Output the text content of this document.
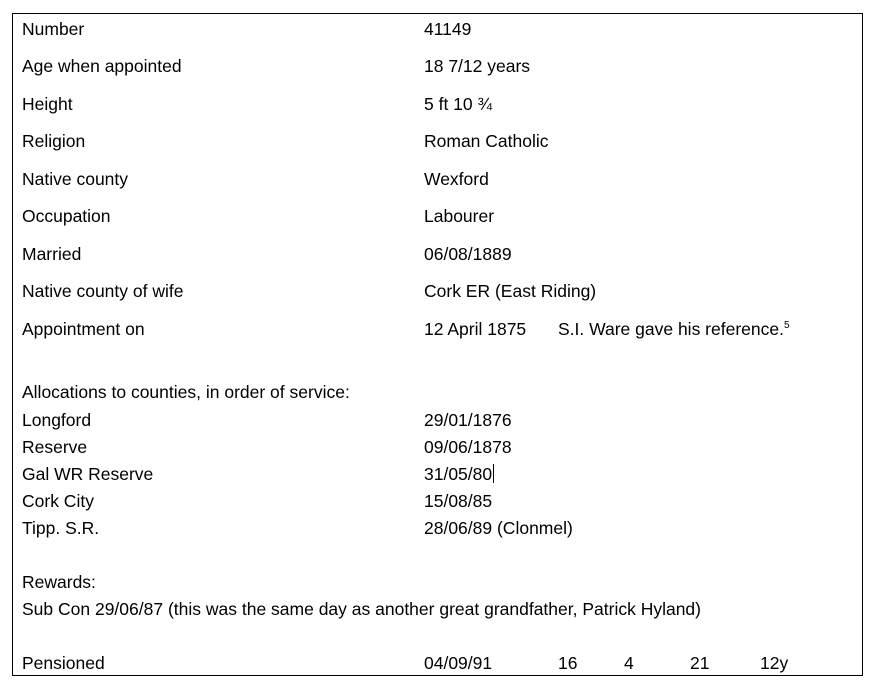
Number	41149
Age when appointed	18 7/12 years
Height	5 ft 10 ¾
Religion	Roman Catholic
Native county	Wexford
Occupation	Labourer
Married	06/08/1889
Native county of wife	Cork ER (East Riding)
Appointment on	12 April 1875 S.I. Ware gave his reference.$^5$
Allocations to counties, in order of service:
Longford	29/01/1876
Reserve	09/06/1878
Gal WR Reserve	31/05/80
Cork City	15/08/85
Tipp. S.R.	28/06/89 (Clonmel)
Rewards:
Sub Con 29/06/87 (this was the same day as another great grandfather, Patrick Hyland)
Pensioned	04/09/91	16	4	21	12y
